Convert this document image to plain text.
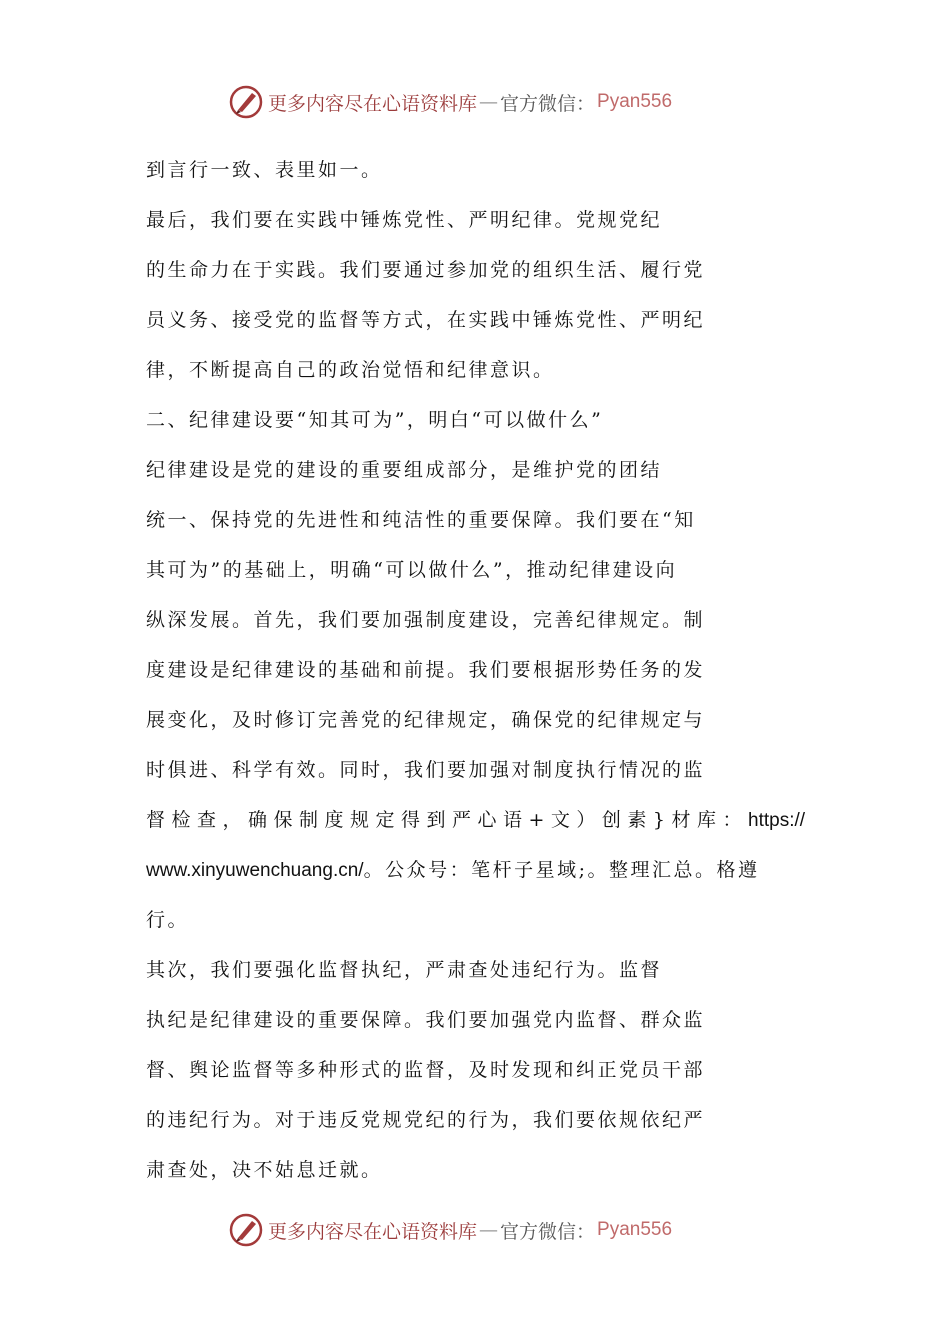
更多内容尽在心语资料库 — 官方微信： Pyan556
到言行一致、表里如一。
最后，我们要在实践中锤炼党性、严明纪律。党规党纪
的生命力在于实践。我们要通过参加党的组织生活、履行党
员义务、接受党的监督等方式，在实践中锤炼党性、严明纪
律，不断提高自己的政治觉悟和纪律意识。
二、纪律建设要“知其可为”，明白“可以做什么”
纪律建设是党的建设的重要组成部分，是维护党的团结
统一、保持党的先进性和纯洁性的重要保障。我们要在“知
其可为”的基础上，明确“可以做什么”，推动纪律建设向
纵深发展。首先，我们要加强制度建设，完善纪律规定。制
度建设是纪律建设的基础和前提。我们要根据形势任务的发
展变化，及时修订完善党的纪律规定，确保党的纪律规定与
时俱进、科学有效。同时，我们要加强对制度执行情况的监
督检查，确保制度规定得到严心语+文）创素}材库：https://
www.xinyuwenchuang.cn/。公众号：笔杆子星域;。整理汇总。格遵
行。
其次，我们要强化监督执纪，严肃查处违纪行为。监督
执纪是纪律建设的重要保障。我们要加强党内监督、群众监
督、舆论监督等多种形式的监督，及时发现和纠正党员干部
的违纪行为。对于违反党规党纪的行为，我们要依规依纪严
肃查处，决不姑息迁就。
更多内容尽在心语资料库 — 官方微信： Pyan556
